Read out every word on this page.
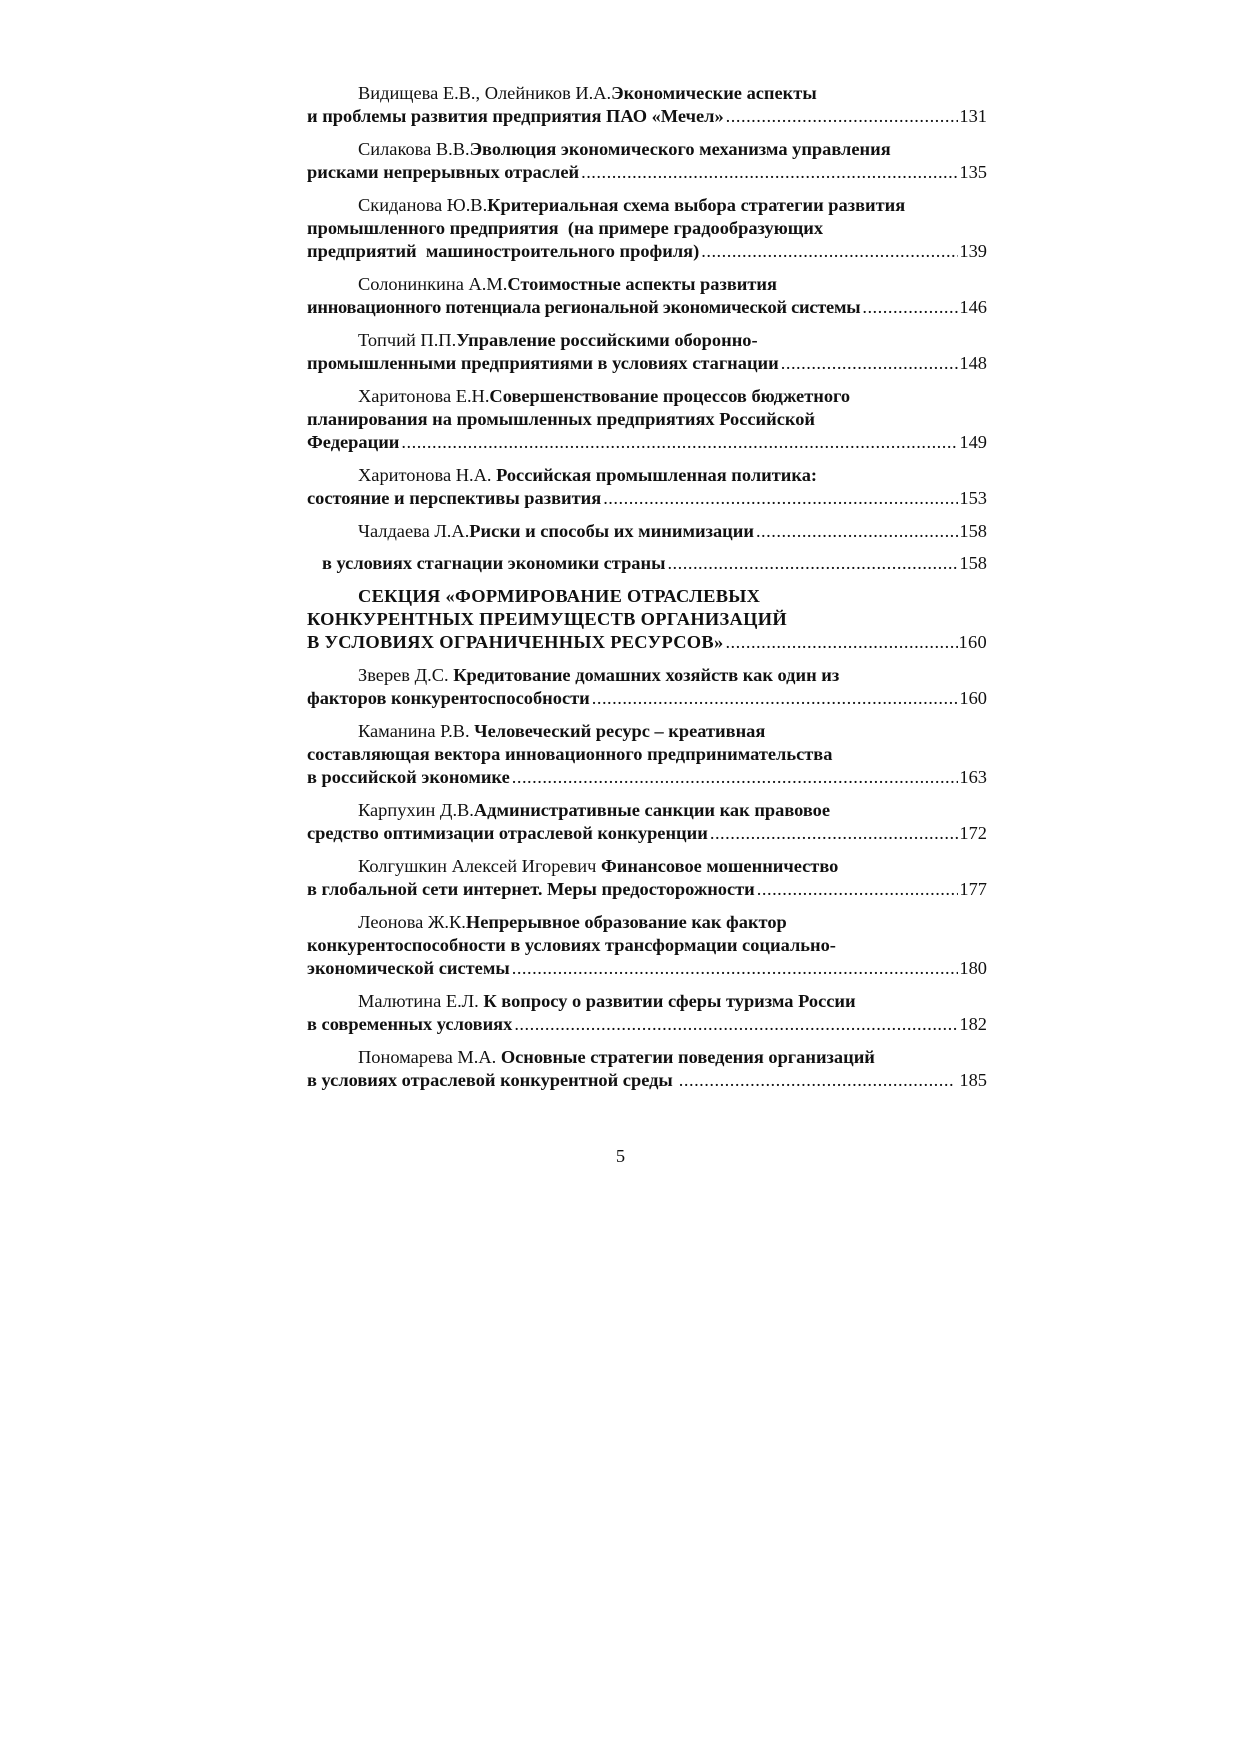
Видищева Е.В., Олейников И.А. Экономические аспекты
и проблемы развития предприятия ПАО «Мечел» .....	131
Силакова В.В. Эволюция экономического механизма управления
рисками непрерывных отраслей .....	135
Скиданова Ю.В. Критериальная схема выбора стратегии развития
промышленного предприятия  (на примере градообразующих
предприятий  машиностроительного профиля) .....	139
Солонинкина А.М. Стоимостные аспекты развития
инновационного потенциала региональной экономической системы .....	146
Топчий П.П. Управление российскими оборонно-
промышленными предприятиями в условиях стагнации .....	148
Харитонова Е.Н. Совершенствование процессов бюджетного
планирования на промышленных предприятиях Российской
Федерации .....	149
Харитонова Н.А. Российская промышленная политика:
состояние и перспективы развития .....	153
Чалдаева Л.А. Риски и способы их минимизации .....	158
в условиях стагнации экономики страны .....	158
СЕКЦИЯ «ФОРМИРОВАНИЕ ОТРАСЛЕВЫХ
КОНКУРЕНТНЫХ ПРЕИМУЩЕСТВ ОРГАНИЗАЦИЙ
В УСЛОВИЯХ ОГРАНИЧЕННЫХ РЕСУРСОВ» .....	160
Зверев Д.С. Кредитование домашних хозяйств как один из
факторов конкурентоспособности .....	160
Каманина Р.В. Человеческий ресурс – креативная
составляющая вектора инновационного предпринимательства
в российской экономике .....	163
Карпухин Д.В. Административные санкции как правовое
средство оптимизации отраслевой конкуренции .....	172
Колгушкин Алексей Игоревич Финансовое мошенничество
в глобальной сети интернет. Меры предосторожности .....	177
Леонова Ж.К. Непрерывное образование как фактор
конкурентоспособности в условиях трансформации социально-
экономической системы .....	180
Малютина Е.Л. К вопросу о развитии сферы туризма России
в современных условиях .....	182
Пономарева М.А. Основные стратегии поведения организаций
в условиях отраслевой конкурентной среды .....	185
5
